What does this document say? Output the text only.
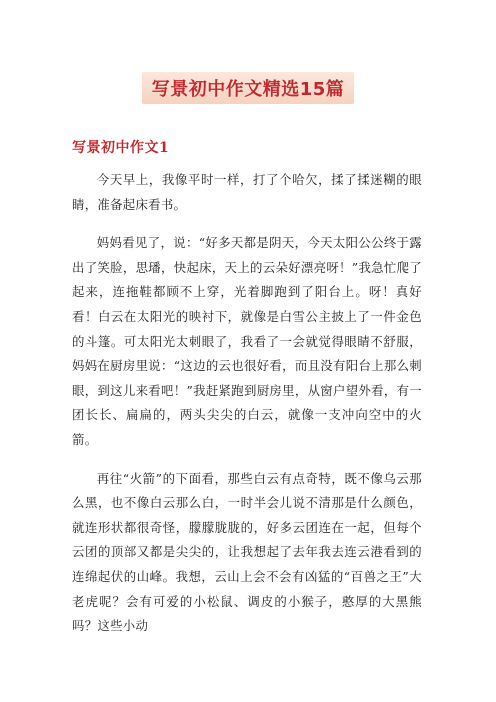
写景初中作文精选15篇
写景初中作文1

今天早上，我像平时一样，打了个哈欠，揉了揉迷糊的眼睛，准备起床看书。

妈妈看见了，说：“好多天都是阴天，今天太阳公公终于露出了笑脸，思璠，快起床，天上的云朵好漂亮呀！”我急忙爬了起来，连拖鞋都顾不上穿，光着脚跑到了阳台上。呀！真好看！白云在太阳光的映衬下，就像是白雪公主披上了一件金色的斗篷。可太阳光太刺眼了，我看了一会就觉得眼睛不舒服，妈妈在厨房里说：“这边的云也很好看，而且没有阳台上那么刺眼，到这儿来看吧！”我赶紧跑到厨房里，从窗户望外看，有一团长长、扁扁的，两头尖尖的白云，就像一支冲向空中的火箭。

再往“火箭”的下面看，那些白云有点奇特，既不像乌云那么黑，也不像白云那么白，一时半会儿说不清那是什么颜色，就连形状都很奇怪，朦朦胧胧的，好多云团连在一起，但每个云团的顶部又都是尖尖的，让我想起了去年我去连云港看到的连绵起伏的山峰。我想，云山上会不会有凶猛的“百兽之王”大老虎呢？会有可爱的小松鼠、调皮的小猴子，憨厚的大黑熊吗？这些小动
